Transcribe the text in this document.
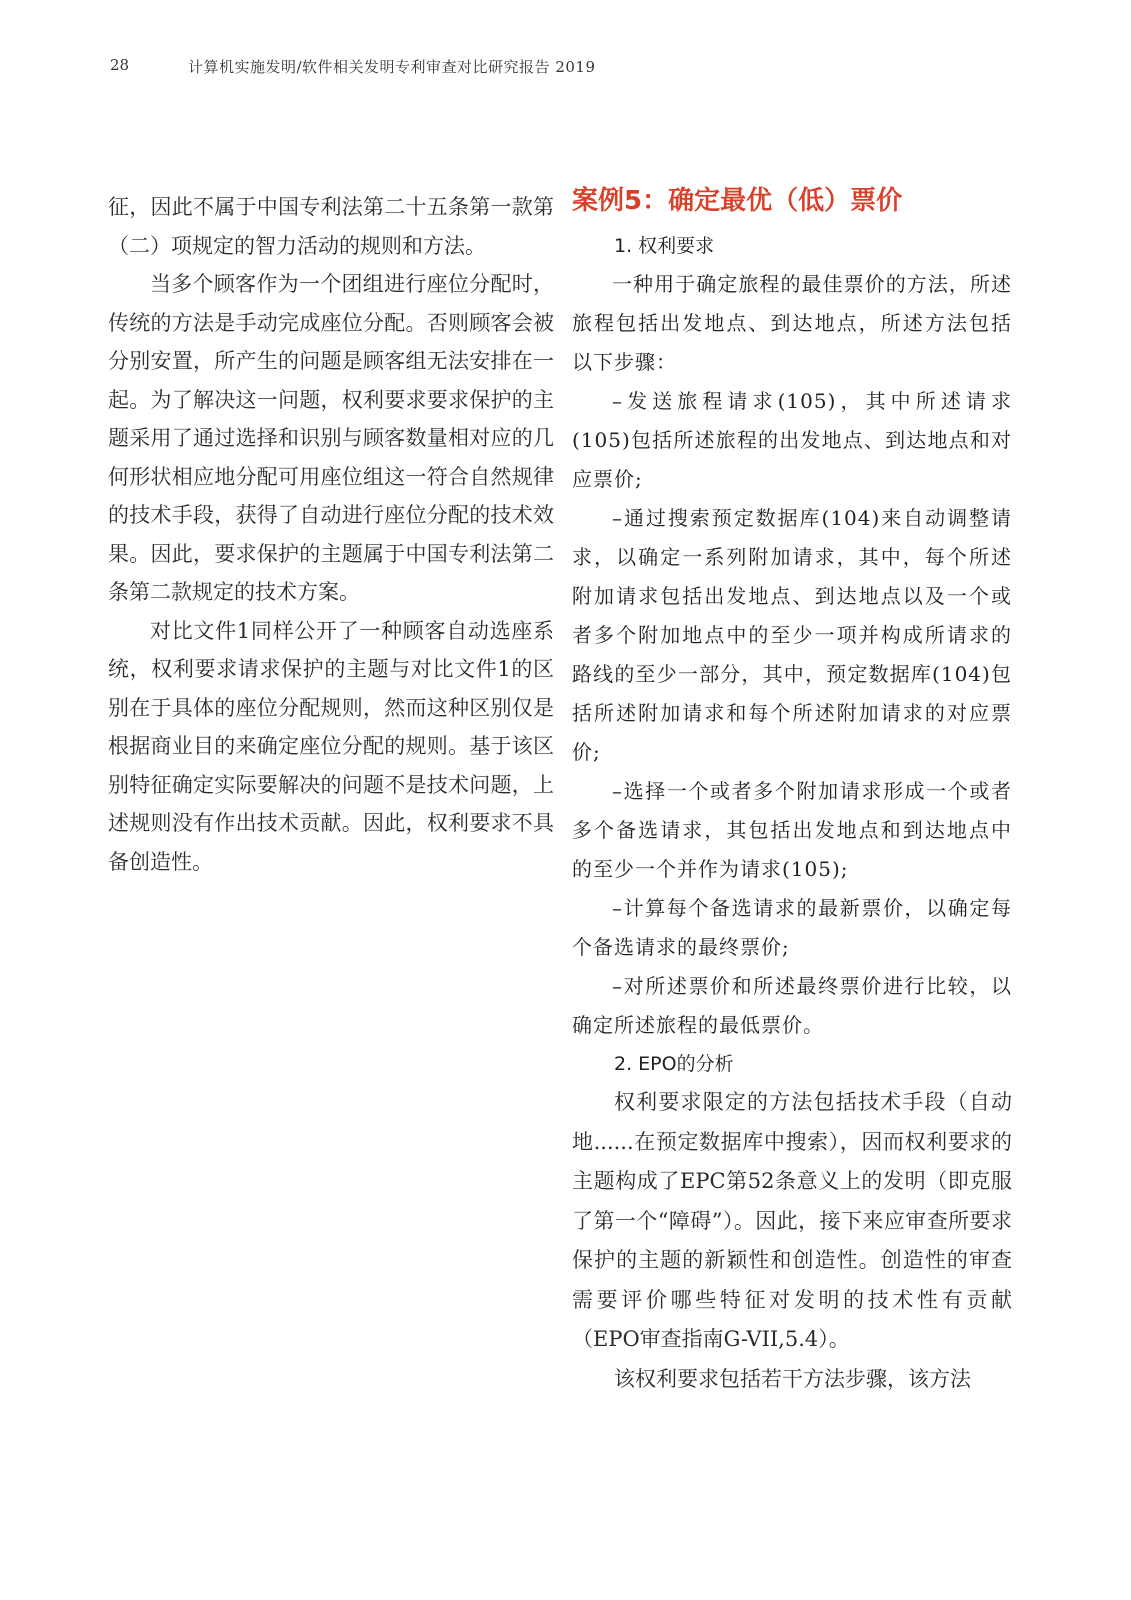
28	计算机实施发明/软件相关发明专利审查对比研究报告 2019

征，因此不属于中国专利法第二十五条第一款第（二）项规定的智力活动的规则和方法。

当多个顾客作为一个团组进行座位分配时，传统的方法是手动完成座位分配。否则顾客会被分别安置，所产生的问题是顾客组无法安排在一起。为了解决这一问题，权利要求要求保护的主题采用了通过选择和识别与顾客数量相对应的几何形状相应地分配可用座位组这一符合自然规律的技术手段，获得了自动进行座位分配的技术效果。因此，要求保护的主题属于中国专利法第二条第二款规定的技术方案。

对比文件1同样公开了一种顾客自动选座系统，权利要求请求保护的主题与对比文件1的区别在于具体的座位分配规则，然而这种区别仅是根据商业目的来确定座位分配的规则。基于该区别特征确定实际要解决的问题不是技术问题，上述规则没有作出技术贡献。因此，权利要求不具备创造性。

案例5：确定最优（低）票价

1. 权利要求

一种用于确定旅程的最佳票价的方法，所述旅程包括出发地点、到达地点，所述方法包括以下步骤：

–发送旅程请求(105)，其中所述请求(105)包括所述旅程的出发地点、到达地点和对应票价;

–通过搜索预定数据库(104)来自动调整请求，以确定一系列附加请求，其中，每个所述附加请求包括出发地点、到达地点以及一个或者多个附加地点中的至少一项并构成所请求的路线的至少一部分，其中，预定数据库(104)包括所述附加请求和每个所述附加请求的对应票价;

–选择一个或者多个附加请求形成一个或者多个备选请求，其包括出发地点和到达地点中的至少一个并作为请求(105);

–计算每个备选请求的最新票价，以确定每个备选请求的最终票价;

–对所述票价和所述最终票价进行比较，以确定所述旅程的最低票价。

2. EPO的分析

权利要求限定的方法包括技术手段（自动地......在预定数据库中搜索），因而权利要求的主题构成了EPC第52条意义上的发明（即克服了第一个“障碍”）。因此，接下来应审查所要求保护的主题的新颖性和创造性。创造性的审查需要评价哪些特征对发明的技术性有贡献（EPO审查指南G-VII,5.4）。

该权利要求包括若干方法步骤，该方法
